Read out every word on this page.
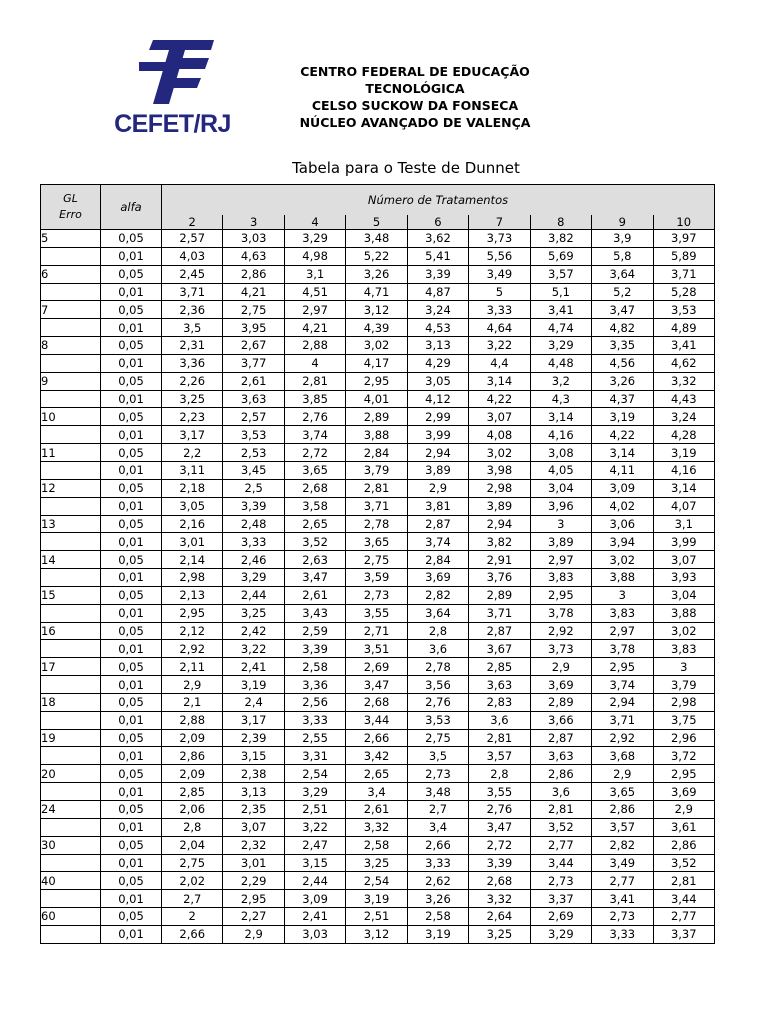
CEFET/RJ
CENTRO FEDERAL DE EDUCAÇÃO TECNOLÓGICA
CELSO SUCKOW DA FONSECA
NÚCLEO AVANÇADO DE VALENÇA
Tabela para o Teste de Dunnet
GL
Erro	alfa	Número de Tratamentos								
		2	3	4	5	6	7	8	9	10
5	0,05	2,57	3,03	3,29	3,48	3,62	3,73	3,82	3,9	3,97
	0,01	4,03	4,63	4,98	5,22	5,41	5,56	5,69	5,8	5,89
6	0,05	2,45	2,86	3,1	3,26	3,39	3,49	3,57	3,64	3,71
	0,01	3,71	4,21	4,51	4,71	4,87	5	5,1	5,2	5,28
7	0,05	2,36	2,75	2,97	3,12	3,24	3,33	3,41	3,47	3,53
	0,01	3,5	3,95	4,21	4,39	4,53	4,64	4,74	4,82	4,89
8	0,05	2,31	2,67	2,88	3,02	3,13	3,22	3,29	3,35	3,41
	0,01	3,36	3,77	4	4,17	4,29	4,4	4,48	4,56	4,62
9	0,05	2,26	2,61	2,81	2,95	3,05	3,14	3,2	3,26	3,32
	0,01	3,25	3,63	3,85	4,01	4,12	4,22	4,3	4,37	4,43
10	0,05	2,23	2,57	2,76	2,89	2,99	3,07	3,14	3,19	3,24
	0,01	3,17	3,53	3,74	3,88	3,99	4,08	4,16	4,22	4,28
11	0,05	2,2	2,53	2,72	2,84	2,94	3,02	3,08	3,14	3,19
	0,01	3,11	3,45	3,65	3,79	3,89	3,98	4,05	4,11	4,16
12	0,05	2,18	2,5	2,68	2,81	2,9	2,98	3,04	3,09	3,14
	0,01	3,05	3,39	3,58	3,71	3,81	3,89	3,96	4,02	4,07
13	0,05	2,16	2,48	2,65	2,78	2,87	2,94	3	3,06	3,1
	0,01	3,01	3,33	3,52	3,65	3,74	3,82	3,89	3,94	3,99
14	0,05	2,14	2,46	2,63	2,75	2,84	2,91	2,97	3,02	3,07
	0,01	2,98	3,29	3,47	3,59	3,69	3,76	3,83	3,88	3,93
15	0,05	2,13	2,44	2,61	2,73	2,82	2,89	2,95	3	3,04
	0,01	2,95	3,25	3,43	3,55	3,64	3,71	3,78	3,83	3,88
16	0,05	2,12	2,42	2,59	2,71	2,8	2,87	2,92	2,97	3,02
	0,01	2,92	3,22	3,39	3,51	3,6	3,67	3,73	3,78	3,83
17	0,05	2,11	2,41	2,58	2,69	2,78	2,85	2,9	2,95	3
	0,01	2,9	3,19	3,36	3,47	3,56	3,63	3,69	3,74	3,79
18	0,05	2,1	2,4	2,56	2,68	2,76	2,83	2,89	2,94	2,98
	0,01	2,88	3,17	3,33	3,44	3,53	3,6	3,66	3,71	3,75
19	0,05	2,09	2,39	2,55	2,66	2,75	2,81	2,87	2,92	2,96
	0,01	2,86	3,15	3,31	3,42	3,5	3,57	3,63	3,68	3,72
20	0,05	2,09	2,38	2,54	2,65	2,73	2,8	2,86	2,9	2,95
	0,01	2,85	3,13	3,29	3,4	3,48	3,55	3,6	3,65	3,69
24	0,05	2,06	2,35	2,51	2,61	2,7	2,76	2,81	2,86	2,9
	0,01	2,8	3,07	3,22	3,32	3,4	3,47	3,52	3,57	3,61
30	0,05	2,04	2,32	2,47	2,58	2,66	2,72	2,77	2,82	2,86
	0,01	2,75	3,01	3,15	3,25	3,33	3,39	3,44	3,49	3,52
40	0,05	2,02	2,29	2,44	2,54	2,62	2,68	2,73	2,77	2,81
	0,01	2,7	2,95	3,09	3,19	3,26	3,32	3,37	3,41	3,44
60	0,05	2	2,27	2,41	2,51	2,58	2,64	2,69	2,73	2,77
	0,01	2,66	2,9	3,03	3,12	3,19	3,25	3,29	3,33	3,37
